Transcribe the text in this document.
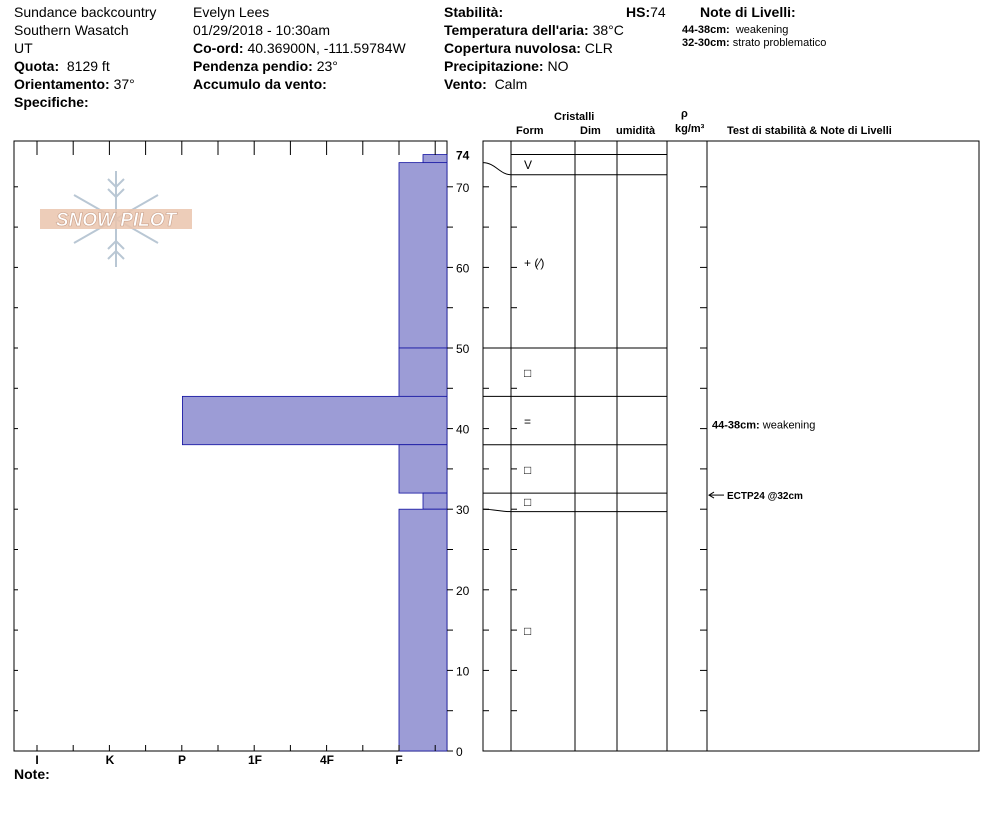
Sundance backcountry
Southern Wasatch
UT
Quota: 8129 ft
Orientamento: 37°
Specifiche:
Evelyn Lees
01/29/2018 - 10:30am
Co-ord: 40.36900N, -111.59784W
Pendenza pendio: 23°
Accumulo da vento:
Stabilità:	HS:74
Temperatura dell'aria: 38°C
Copertura nuvolosa: CLR
Precipitazione: NO
Vento: Calm
Note di Livelli:
44-38cm: weakening
32-30cm: strato problematico
Cristalli
Form	Dim umidità
ρ
kg/m³ Test di stabilità & Note di Livelli
Note:
SNOW PILOT
0
10
20
30
40
50
60
70
74
I	K	P	1F	4F	F
V
+ (⁄)
□
=
□
□
□
44-38cm: weakening
ECTP24 @32cm
